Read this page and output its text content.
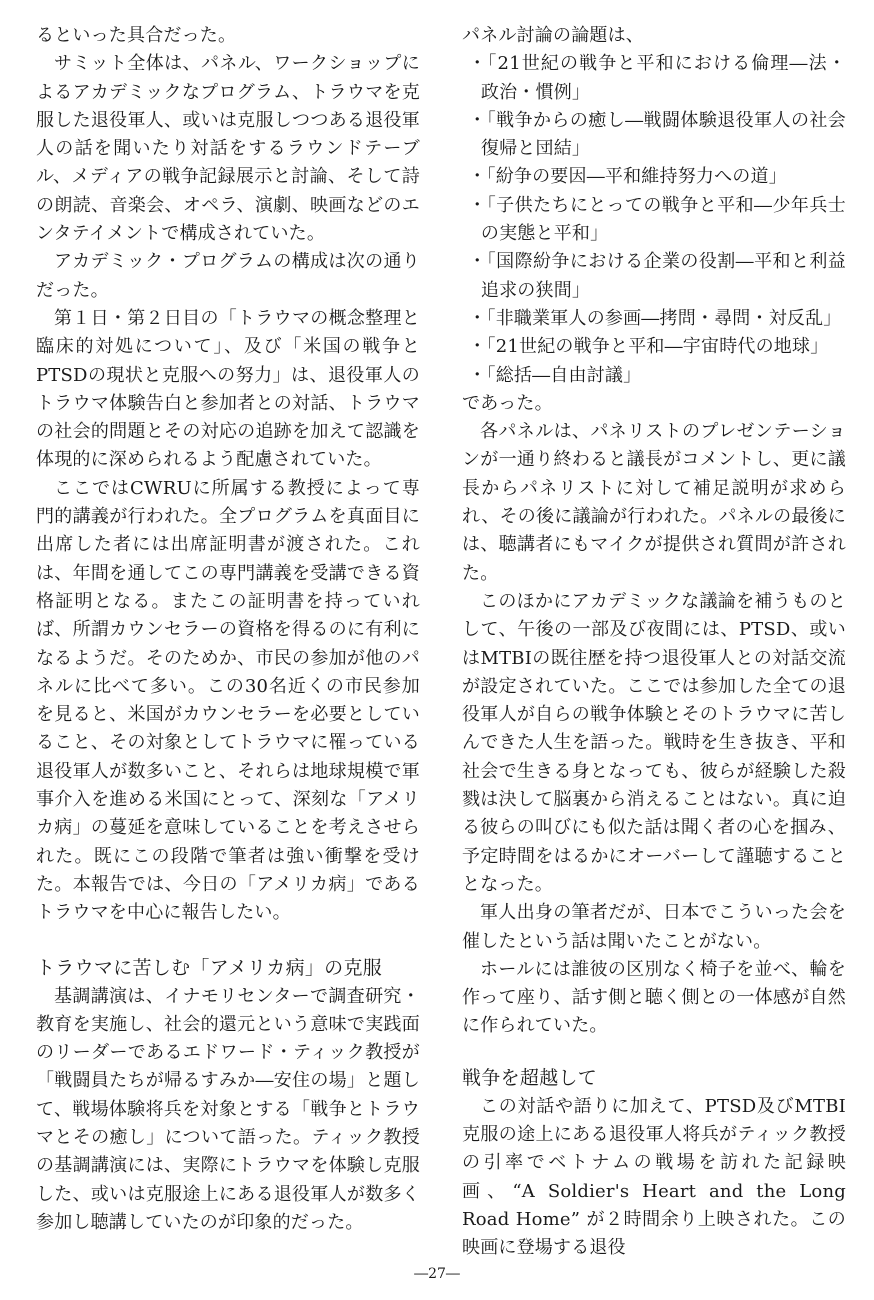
るといった具合だった。

サミット全体は、パネル、ワークショップによるアカデミックなプログラム、トラウマを克服した退役軍人、或いは克服しつつある退役軍人の話を聞いたり対話をするラウンドテーブル、メディアの戦争記録展示と討論、そして詩の朗読、音楽会、オペラ、演劇、映画などのエンタテイメントで構成されていた。

アカデミック・プログラムの構成は次の通りだった。

第１日・第２日目の「トラウマの概念整理と臨床的対処について」、及び「米国の戦争とPTSDの現状と克服への努力」は、退役軍人のトラウマ体験告白と参加者との対話、トラウマの社会的問題とその対応の追跡を加えて認識を体現的に深められるよう配慮されていた。

ここではCWRUに所属する教授によって専門的講義が行われた。全プログラムを真面目に出席した者には出席証明書が渡された。これは、年間を通してこの専門講義を受講できる資格証明となる。またこの証明書を持っていれば、所謂カウンセラーの資格を得るのに有利になるようだ。そのためか、市民の参加が他のパネルに比べて多い。この30名近くの市民参加を見ると、米国がカウンセラーを必要としていること、その対象としてトラウマに罹っている退役軍人が数多いこと、それらは地球規模で軍事介入を進める米国にとって、深刻な「アメリカ病」の蔓延を意味していることを考えさせられた。既にこの段階で筆者は強い衝撃を受けた。本報告では、今日の「アメリカ病」であるトラウマを中心に報告したい。

トラウマに苦しむ「アメリカ病」の克服

基調講演は、イナモリセンターで調査研究・教育を実施し、社会的還元という意味で実践面のリーダーであるエドワード・ティック教授が「戦闘員たちが帰るすみか―安住の場」と題して、戦場体験将兵を対象とする「戦争とトラウマとその癒し」について語った。ティック教授の基調講演には、実際にトラウマを体験し克服した、或いは克服途上にある退役軍人が数多く参加し聴講していたのが印象的だった。

パネル討論の論題は、

・「21世紀の戦争と平和における倫理―法・政治・慣例」

・「戦争からの癒し―戦闘体験退役軍人の社会復帰と団結」

・「紛争の要因―平和維持努力への道」

・「子供たちにとっての戦争と平和―少年兵士の実態と平和」

・「国際紛争における企業の役割―平和と利益追求の狭間」

・「非職業軍人の参画―拷問・尋問・対反乱」

・「21世紀の戦争と平和―宇宙時代の地球」

・「総括―自由討議」

であった。

各パネルは、パネリストのプレゼンテーションが一通り終わると議長がコメントし、更に議長からパネリストに対して補足説明が求められ、その後に議論が行われた。パネルの最後には、聴講者にもマイクが提供され質問が許された。

このほかにアカデミックな議論を補うものとして、午後の一部及び夜間には、PTSD、或いはMTBIの既往歴を持つ退役軍人との対話交流が設定されていた。ここでは参加した全ての退役軍人が自らの戦争体験とそのトラウマに苦しんできた人生を語った。戦時を生き抜き、平和社会で生きる身となっても、彼らが経験した殺戮は決して脳裏から消えることはない。真に迫る彼らの叫びにも似た話は聞く者の心を掴み、予定時間をはるかにオーバーして謹聴することとなった。

軍人出身の筆者だが、日本でこういった会を催したという話は聞いたことがない。

ホールには誰彼の区別なく椅子を並べ、輪を作って座り、話す側と聴く側との一体感が自然に作られていた。

戦争を超越して

この対話や語りに加えて、PTSD及びMTBI克服の途上にある退役軍人将兵がティック教授の引率でベトナムの戦場を訪れた記録映画、“A Soldier's Heart and the Long Road Home” が２時間余り上映された。この映画に登場する退役

―27―
